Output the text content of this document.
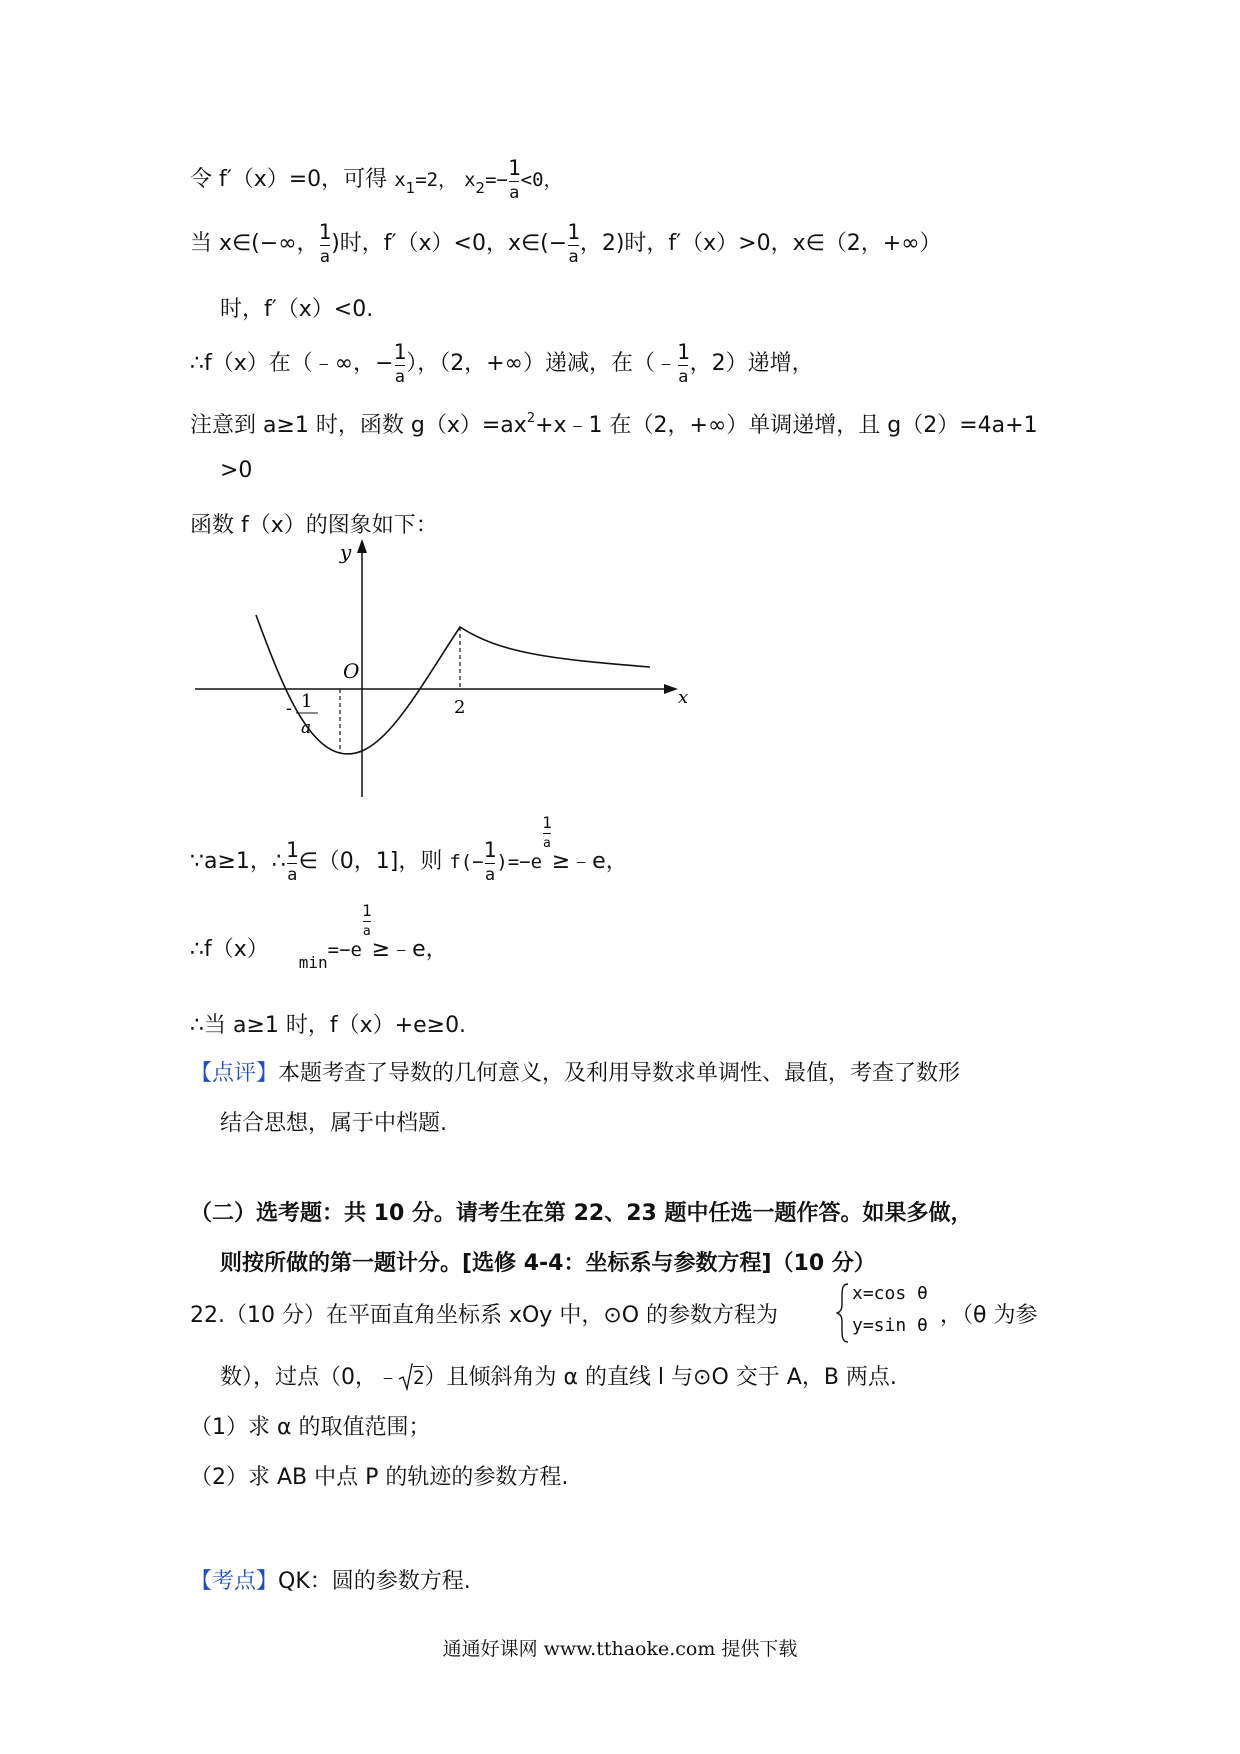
令 f′（x）=0，可得 $x_1=2$， $x_2=- \frac{1}{a} <0$，
当 x∈(−∞， $\frac{1}{a}$ )时，f′（x）<0，x∈(− $\frac{1}{a}$ ，2)时，f′（x）>0，x∈（2，+∞）
时，f′（x）<0.
∴f（x）在（﹣∞，− $\frac{1}{a}$ ），（2，+∞）递减，在（﹣ $\frac{1}{a}$ ，2）递增，
注意到 a≥1 时，函数 $g(x)=ax^2+x﹣1$ 在（2，+∞）单调递增，且 g（2）=4a+1
>0
函数 f（x）的图象如下：
y
x
O
2
- 1
a
∵a≥1，∴ $\frac{1}{a}$ ∈（0，1]，则 $f(- \frac{1}{a} )=-e$
$\frac{1}{a}$
≥﹣e，
$\therefore f(x)_{min}=-e$
$\frac{1}{a}$
≥﹣e，
∴当 a≥1 时，f（x）+e≥0.
【点评】本题考查了导数的几何意义，及利用导数求单调性、最值，考查了数形
结合思想，属于中档题.
（二）选考题：共 10 分。请考生在第 22、23 题中任选一题作答。如果多做，
则按所做的第一题计分。[选修 4-4：坐标系与参数方程]（10 分）
22.（10 分）在平面直角坐标系 xOy 中，⊙O 的参数方程为
x=cos θ
y=sin θ ，（θ 为参
数），过点（0，﹣ 2）且倾斜角为 α 的直线 l 与⊙O 交于 A，B 两点.
（1）求 α 的取值范围；
（2）求 AB 中点 P 的轨迹的参数方程.
【考点】QK：圆的参数方程.
通通好课网 www.tthaoke.com 提供下载
